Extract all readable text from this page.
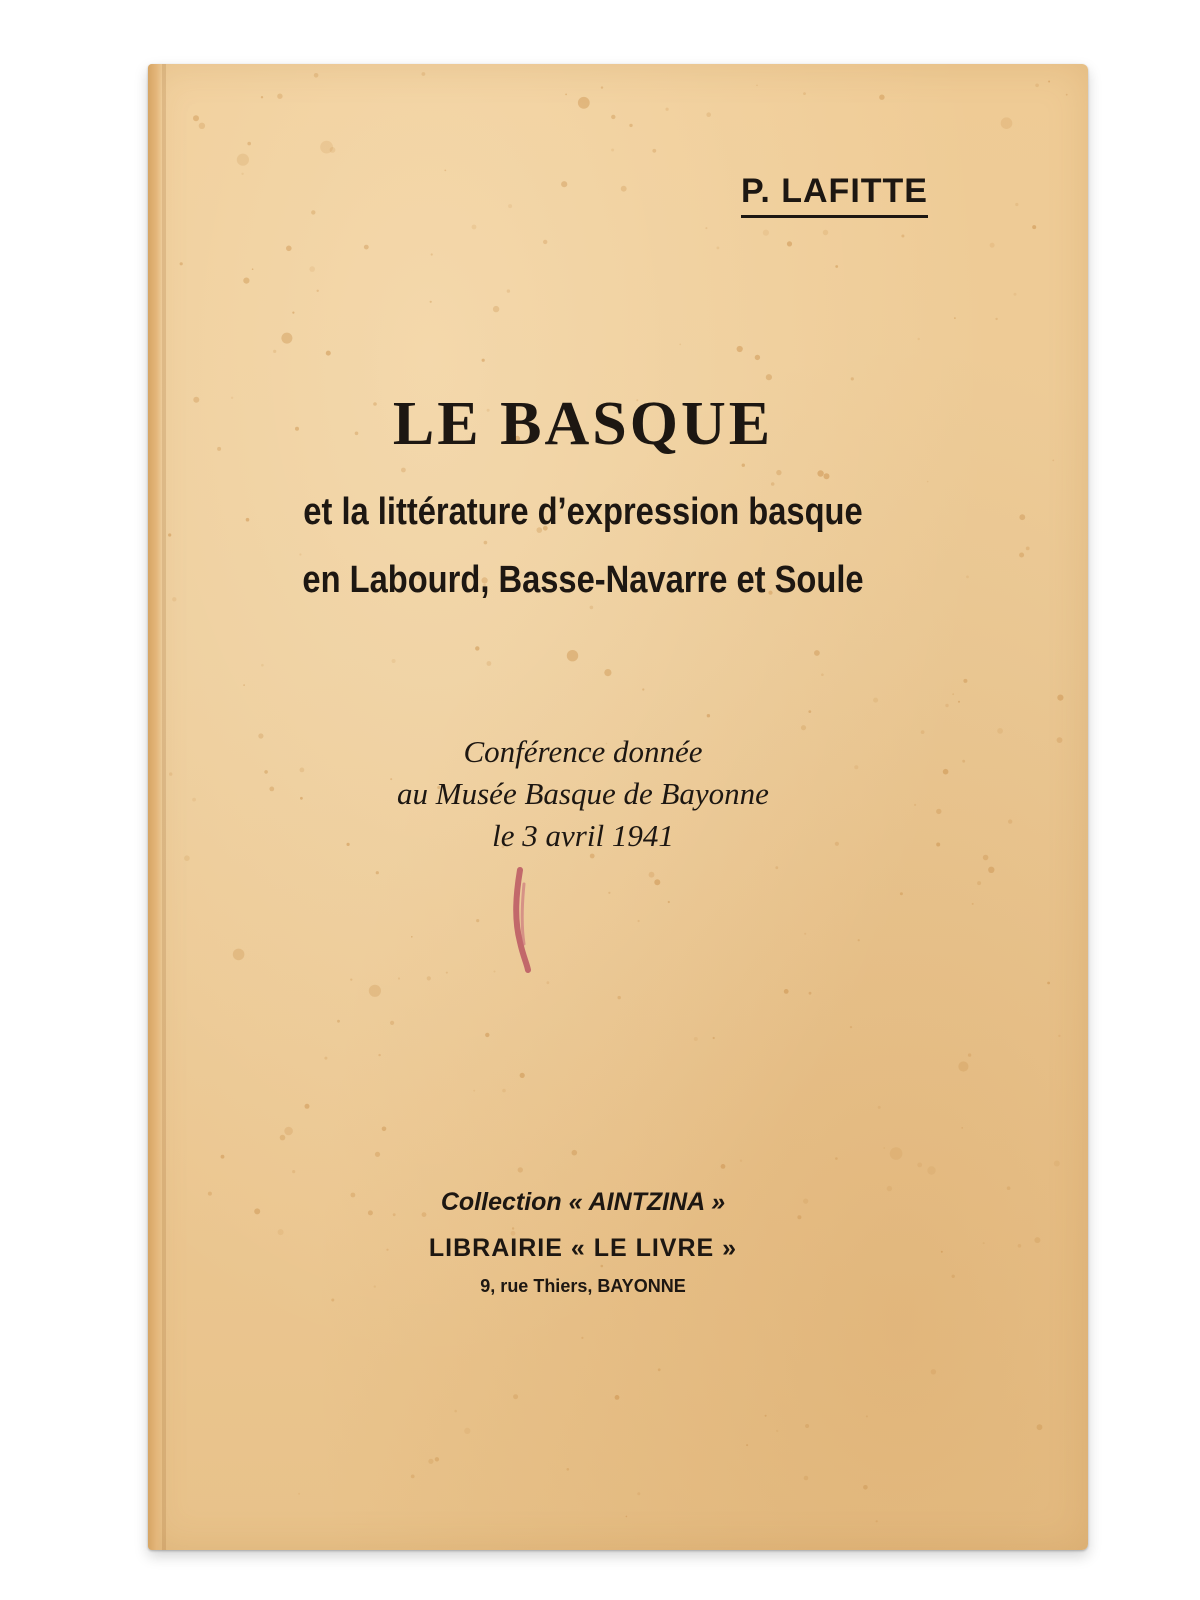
P. LAFITTE

LE BASQUE

et la littérature d’expression basque

en Labourd, Basse-Navarre et Soule

Conférence donnée

au Musée Basque de Bayonne

le 3 avril 1941

Collection « AINTZINA »

LIBRAIRIE « LE LIVRE »

9, rue Thiers, BAYONNE
